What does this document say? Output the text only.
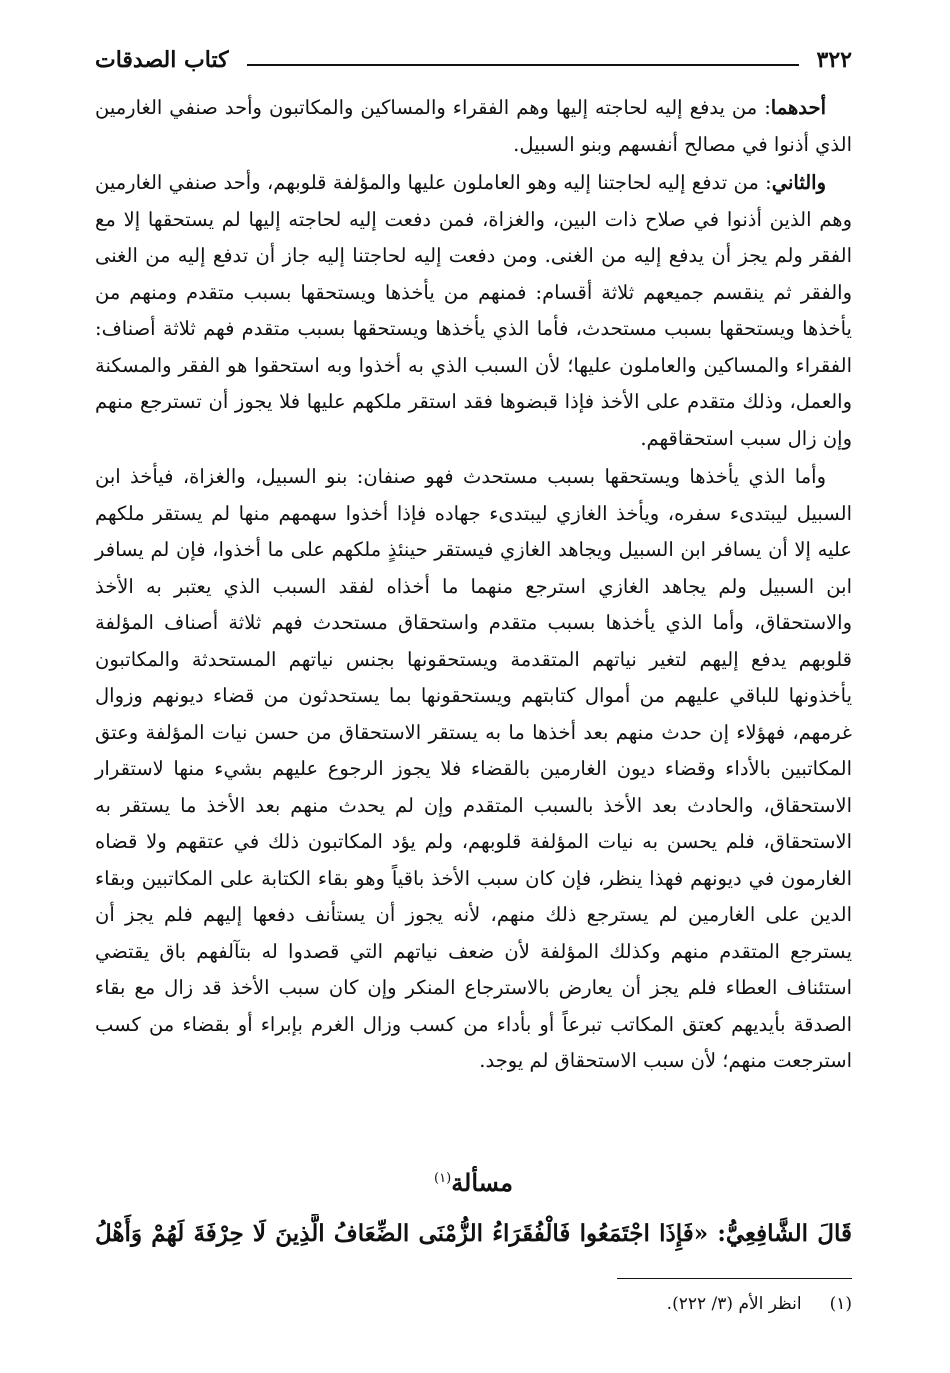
٣٢٢
كتاب الصدقات

أحدهما: من يدفع إليه لحاجته إليها وهم الفقراء والمساكين والمكاتبون وأحد صنفي الغارمين الذي أذنوا في مصالح أنفسهم وبنو السبيل.

والثاني: من تدفع إليه لحاجتنا إليه وهو العاملون عليها والمؤلفة قلوبهم، وأحد صنفي الغارمين وهم الذين أذنوا في صلاح ذات البين، والغزاة، فمن دفعت إليه لحاجته إليها لم يستحقها إلا مع الفقر ولم يجز أن يدفع إليه من الغنى. ومن دفعت إليه لحاجتنا إليه جاز أن تدفع إليه من الغنى والفقر ثم ينقسم جميعهم ثلاثة أقسام: فمنهم من يأخذها ويستحقها بسبب متقدم ومنهم من يأخذها ويستحقها بسبب مستحدث، فأما الذي يأخذها ويستحقها بسبب متقدم فهم ثلاثة أصناف: الفقراء والمساكين والعاملون عليها؛ لأن السبب الذي به أخذوا وبه استحقوا هو الفقر والمسكنة والعمل، وذلك متقدم على الأخذ فإذا قبضوها فقد استقر ملكهم عليها فلا يجوز أن تسترجع منهم وإن زال سبب استحقاقهم.

وأما الذي يأخذها ويستحقها بسبب مستحدث فهو صنفان: بنو السبيل، والغزاة، فيأخذ ابن السبيل ليبتدىء سفره، ويأخذ الغازي ليبتدىء جهاده فإذا أخذوا سهمهم منها لم يستقر ملكهم عليه إلا أن يسافر ابن السبيل ويجاهد الغازي فيستقر حينئذٍ ملكهم على ما أخذوا، فإن لم يسافر ابن السبيل ولم يجاهد الغازي استرجع منهما ما أخذاه لفقد السبب الذي يعتبر به الأخذ والاستحقاق، وأما الذي يأخذها بسبب متقدم واستحقاق مستحدث فهم ثلاثة أصناف المؤلفة قلوبهم يدفع إليهم لتغير نياتهم المتقدمة ويستحقونها بجنس نياتهم المستحدثة والمكاتبون يأخذونها للباقي عليهم من أموال كتابتهم ويستحقونها بما يستحدثون من قضاء ديونهم وزوال غرمهم، فهؤلاء إن حدث منهم بعد أخذها ما به يستقر الاستحقاق من حسن نيات المؤلفة وعتق المكاتبين بالأداء وقضاء ديون الغارمين بالقضاء فلا يجوز الرجوع عليهم بشيء منها لاستقرار الاستحقاق، والحادث بعد الأخذ بالسبب المتقدم وإن لم يحدث منهم بعد الأخذ ما يستقر به الاستحقاق، فلم يحسن به نيات المؤلفة قلوبهم، ولم يؤد المكاتبون ذلك في عتقهم ولا قضاه الغارمون في ديونهم فهذا ينظر، فإن كان سبب الأخذ باقياً وهو بقاء الكتابة على المكاتبين وبقاء الدين على الغارمين لم يسترجع ذلك منهم، لأنه يجوز أن يستأنف دفعها إليهم فلم يجز أن يسترجع المتقدم منهم وكذلك المؤلفة لأن ضعف نياتهم التي قصدوا له بتآلفهم باق يقتضي استئناف العطاء فلم يجز أن يعارض بالاسترجاع المنكر وإن كان سبب الأخذ قد زال مع بقاء الصدقة بأيديهم كعتق المكاتب تبرعاً أو بأداء من كسب وزال الغرم بإبراء أو بقضاء من كسب استرجعت منهم؛ لأن سبب الاستحقاق لم يوجد.

مسألة$^{(١)}$
قَالَ الشَّافِعِيُّ: «فَإِذَا اجْتَمَعُوا فَالْفُقَرَاءُ الزُّمْنَى الضِّعَافُ الَّذِينَ لَا حِرْفَةَ لَهُمْ وَأَهْلُ
(١)انظر الأم (٣/ ٢٢٢).
